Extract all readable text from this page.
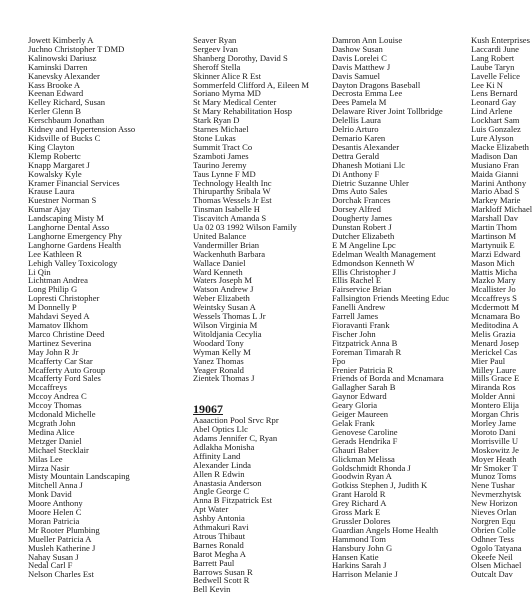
Jowett Kimberly A
Juchno Christopher T DMD
Kalinowski Dariusz
Kaminski Darren
Kanevsky Alexander
Kass Brooke A
Keenan Edward
Kelley Richard, Susan
Kerler Glenn B
Kerschbaum Jonathan
Kidney and Hypertension Asso
Kidsville of Bucks C
King Clayton
Klemp Robertc
Knapp Margaret J
Kowalsky Kyle
Kramer Financial Services
Krause Laura
Kuestner Norman S
Kumar Ajay
Landscaping Misty M
Langhorne Dental Asso
Langhorne Emergency Phy
Langhorne Gardens Health
Lee Kathleen R
Lehigh Valley Toxicology
Li Qin
Lichtman Andrea
Long Philip G
Lopresti Christopher
M Donnelly P
Mahdavi Seyed A
Mamatov Ilkhom
Marco Christine Deed
Martinez Severina
May John R Jr
Mcafferty Car Star
Mcafferty Auto Group
Mcafferty Ford Sales
Mccaffreys
Mccoy Andrea C
Mccoy Thomas
Mcdonald Michelle
Mcgrath John
Medina Alice
Metzger Daniel
Michael Stecklair
Milas Lee
Mirza Nasir
Misty Mountain Landscaping
Mitchell Anna J
Monk David
Moore Anthony
Moore Helen C
Moran Patricia
Mr Rooter Plumbing
Mueller Patricia A
Musleh Katherine J
Nahay Susan J
Nedal Carl F
Nelson Charles Est
Seaver Ryan
Sergeev Ivan
Shanberg Dorothy, David S
Sheroff Stella
Skinner Alice R Est
Sommerfeld Clifford A, Eileen M
Soriano Myrna MD
St Mary Medical Center
St Mary Rehabilitation Hosp
Stark Ryan D
Starnes Michael
Stone Lukas
Summit Tract Co
Szamboti James
Taurino Jeremy
Taus Lynne F MD
Technology Health Inc
Thiruparthy Sribala W
Thomas Wessels Jr Est
Tinsman Isabelle H
Tiscavitch Amanda S
Ua 02 03 1992 Wilson Family
United Balance
Vandermiller Brian
Wackenhuth Barbara
Wallace Daniel
Ward Kenneth
Waters Joseph M
Watson Andrew J
Weber Elizabeth
Weintsky Susan A
Wessels Thomas L Jr
Wilson Virginia M
Witoldjania Cecylia
Woodard Tony
Wyman Kelly M
Yanez Thomas
Yeager Ronald
Zientek Thomas J
19067
Aaaaction Pool Srvc Rpr
Abel Optics Llc
Adams Jennifer C, Ryan
Adlakha Monisha
Affinity Land
Alexander Linda
Allen R Edwin
Anastasia Anderson
Angle George C
Anna B Fitzpatrick Est
Apt Water
Ashby Antonia
Athmakuri Ravi
Atrous Thibaut
Barnes Ronald
Barot Megha A
Barrett Paul
Barrows Susan R
Bedwell Scott R
Bell Kevin
Damron Ann Louise
Dashow Susan
Davis Lorelei C
Davis Matthew J
Davis Samuel
Dayton Dragons Baseball
Decrosta Emma Lee
Dees Pamela M
Delaware River Joint Tollbridge
Delellis Laura
Delrio Arturo
Demario Karen
Desantis Alexander
Dettra Gerald
Dhanesh Motiani Llc
Di Anthony F
Dietric Suzanne Uhler
Dms Auto Sales
Dorchak Frances
Dorsey Alfred
Dougherty James
Dunstan Robert J
Dutcher Elizabeth
E M Angeline Lpc
Edelman Wealth Management
Edmondson Kenneth W
Ellis Christopher J
Ellis Rachel E
Fairservice Brian
Fallsington Friends Meeting Educ
Fanelli Andrew
Farrell James
Fioravanti Frank
Fischer John
Fitzpatrick Anna B
Foreman Timarah R
Fpo
Frenier Patricia R
Friends of Borda and Mcnamara
Gallagher Sarah B
Gaynor Edward
Geary Gloria
Geiger Maureen
Gelak Frank
Genovese Caroline
Gerads Hendrika F
Ghauri Baber
Glickman Melissa
Goldschmidt Rhonda J
Goodwin Ryan A
Gotkiss Stephen J, Judith K
Grant Harold R
Grey Richard A
Gross Mark E
Grussler Dolores
Guardian Angels Home Health
Hammond Tom
Hansbury John G
Hansen Katie
Harkins Sarah J
Harrison Melanie J
Kush Enterprises
Laccardi June
Lang Robert
Laube Taryn
Lavelle Felice
Lee Ki N
Lens Bernard
Leonard Gay
Lind Arlene
Lockhart Sam
Luis Gonzalez
Lure Alyson
Macke Elizabeth
Madison Dan
Musiano Fran
Maida Gianni
Marini Anthony
Mario Abad S
Markey Marie
Markloff Michael
Marshall Dav
Martin Thom
Martinson M
Martynuik E
Marzi Edward
Mason Mich
Mattis Micha
Mazko Mary
Mcallister Jo
Mccaffreys S
Mcdermott M
Mcnamara Bo
Meditodina A
Melis Grazia
Menard Josep
Merickel Cas
Mier Paul
Milley Laure
Mills Grace E
Miranda Ros
Molder Anni
Montero Elija
Morgan Chris
Morley Jame
Moroto Dani
Morrisville U
Moskowitz Je
Moyer Heath
Mr Smoker T
Munoz Toms
Nene Tushar
Nevmerzhytsk
New Horizon
Nieves Orlan
Norgren Equ
Obrien Colle
Odhner Tess
Ogolo Tatyana
Okeefe Neil
Olsen Michael
Outcalt Dav
